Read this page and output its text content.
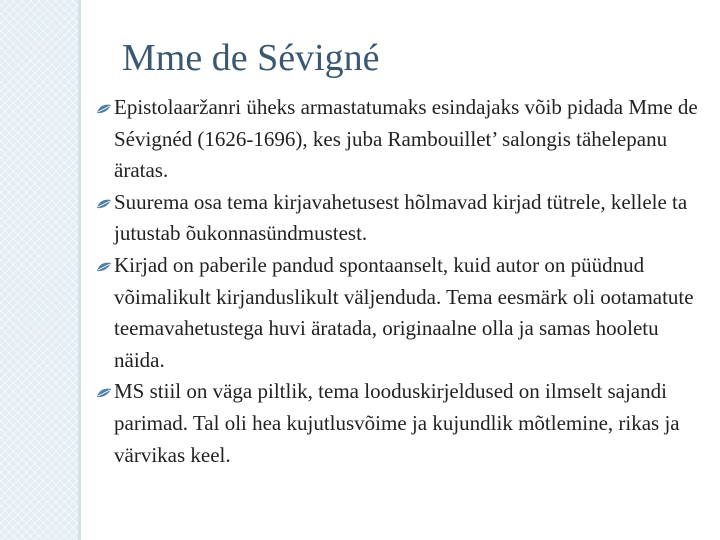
Mme de Sévigné
Epistolaaržanri üheks armastatumaks esindajaks võib pidada Mme de Sévignéd (1626-1696), kes juba Rambouillet’ salongis tähelepanu äratas.
Suurema osa tema kirjavahetusest hõlmavad kirjad tütrele, kellele ta jutustab õukonnasündmustest.
Kirjad on paberile pandud spontaanselt, kuid autor on püüdnud võimalikult kirjanduslikult väljenduda. Tema eesmärk oli ootamatute teemavahetustega huvi äratada, originaalne olla ja samas hooletu näida.
MS stiil on väga piltlik, tema looduskirjeldused on ilmselt sajandi parimad. Tal oli hea kujutlusvõime ja kujundlik mõtlemine, rikas ja värvikas keel.
